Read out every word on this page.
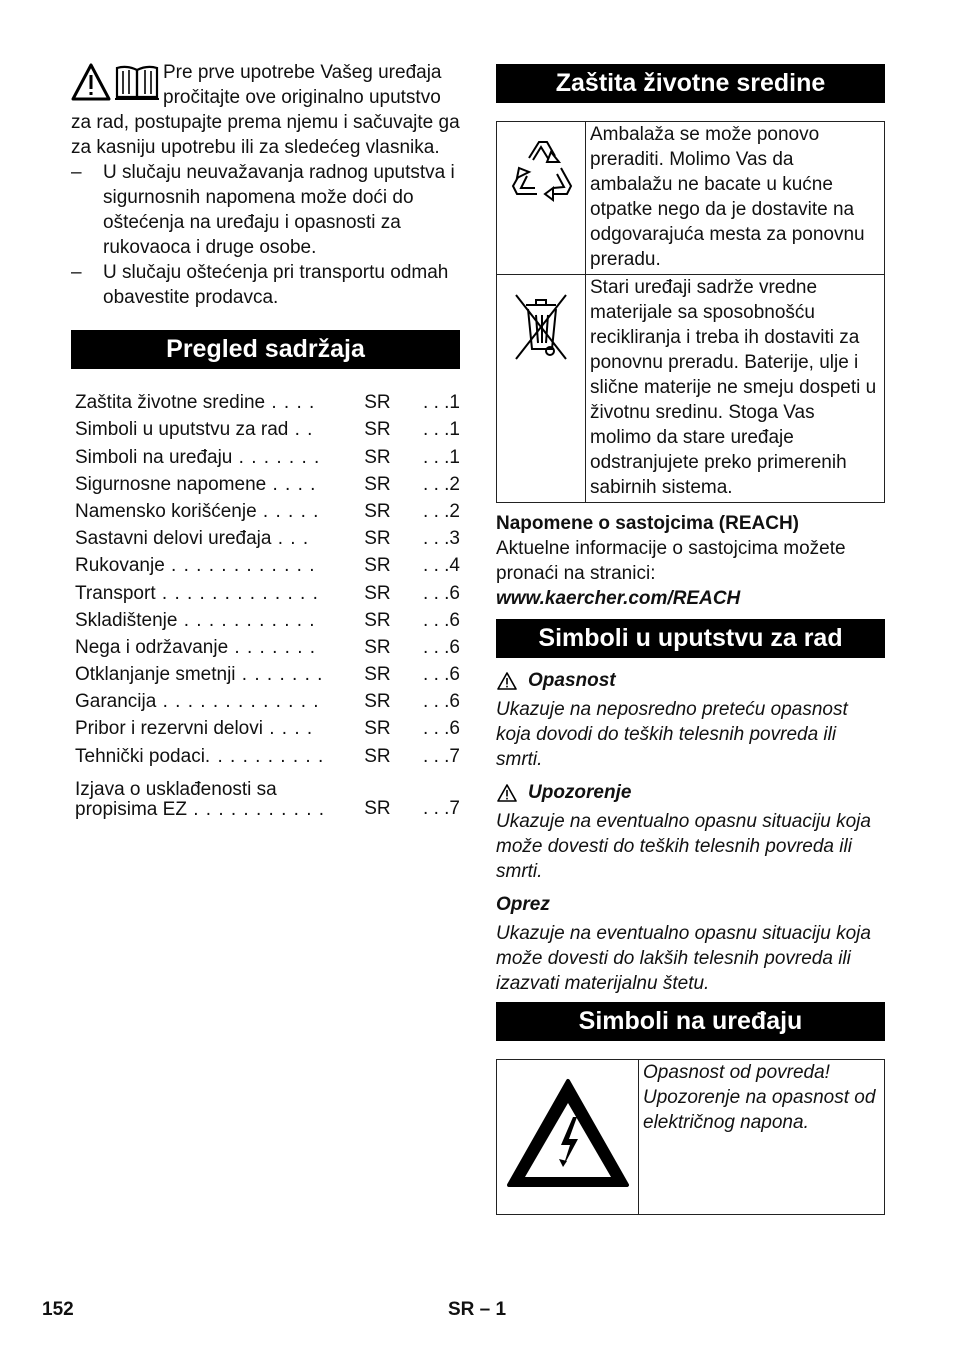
Pre prve upotrebe Vašeg uređaja pročitajte ove originalno uputstvo za rad, postupajte prema njemu i sačuvajte ga za kasniju upotrebu ili za sledećeg vlasnika.

– U slučaju neuvažavanja radnog uputstva i sigurnosnih napomena može doći do oštećenja na uređaju i opasnosti za rukovaoca i druge osobe.
– U slučaju oštećenja pri transportu odmah obavestite prodavca.
Pregled sadržaja
Zaštita životne sredine . . . .	SR	. . .1
Simboli u uputstvu za rad . .	SR	. . .1
Simboli na uređaju . . . . . . .	SR	. . .1
Sigurnosne napomene . . . .	SR	. . .2
Namensko korišćenje . . . . .	SR	. . .2
Sastavni delovi uređaja . . .	SR	. . .3
Rukovanje . . . . . . . . . . . .	SR	. . .4
Transport . . . . . . . . . . . . .	SR	. . .6
Skladištenje . . . . . . . . . . .	SR	. . .6
Nega i održavanje . . . . . . .	SR	. . .6
Otklanjanje smetnji . . . . . . .	SR	. . .6
Garancija . . . . . . . . . . . . .	SR	. . .6
Pribor i rezervni delovi . . . .	SR	. . .6
Tehnički podaci. . . . . . . . . .	SR	. . .7
Izjava o usklađenosti sa
propisima EZ . . . . . . . . . . .	SR	. . .7
Zaštita životne sredine
	Ambalaža se može ponovo preraditi. Molimo Vas da ambalažu ne bacate u kućne otpatke nego da je dostavite na odgovarajuća mesta za ponovnu preradu.
	Stari uređaji sadrže vredne materijale sa sposobnošću recikliranja i treba ih dostaviti za ponovnu preradu. Baterije, ulje i slične materije ne smeju dospeti u životnu sredinu. Stoga Vas molimo da stare uređaje odstranjujete preko primerenih sabirnih sistema.
Napomene o sastojcima (REACH)
Aktuelne informacije o sastojcima možete pronaći na stranici:
www.kaercher.com/REACH
Simboli u uputstvu za rad
Opasnost
Ukazuje na neposredno preteću opasnost koja dovodi do teških telesnih povreda ili smrti.
Upozorenje
Ukazuje na eventualno opasnu situaciju koja može dovesti do teških telesnih povreda ili smrti.
Oprez
Ukazuje na eventualno opasnu situaciju koja može dovesti do lakših telesnih povreda ili izazvati materijalnu štetu.
Simboli na uređaju
	Opasnost od povreda! Upozorenje na opasnost od električnog napona.
152	SR – 1
